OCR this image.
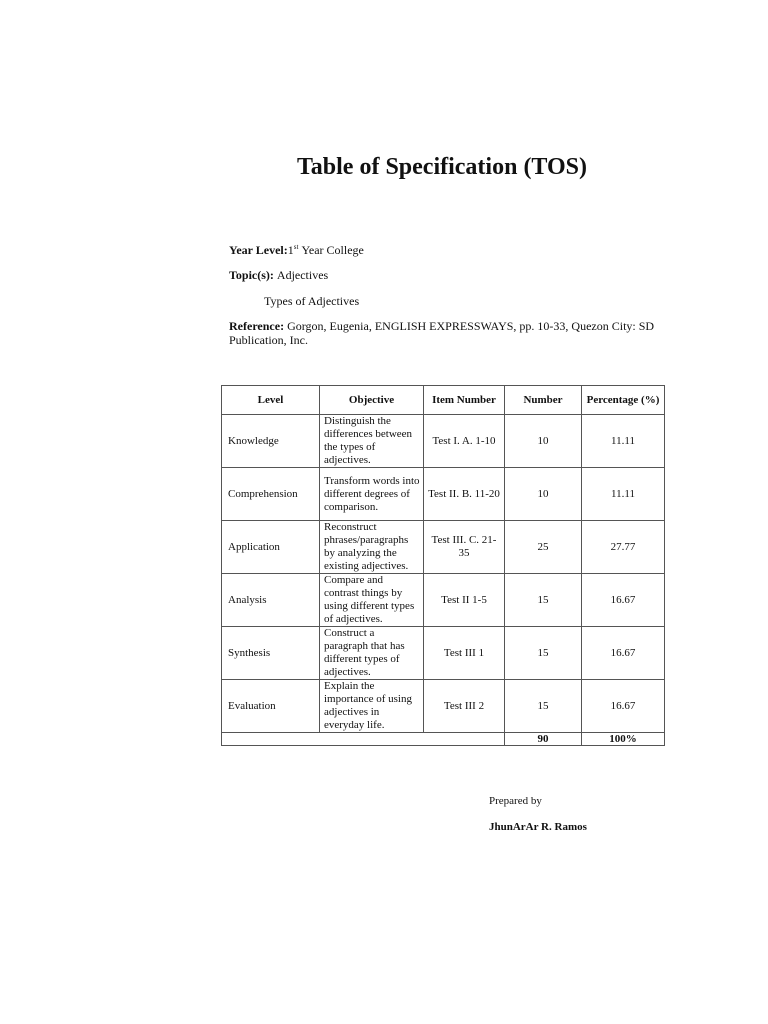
Table of Specification (TOS)
Year Level:1st Year College
Topic(s): Adjectives
Types of Adjectives
Reference: Gorgon, Eugenia, ENGLISH EXPRESSWAYS, pp. 10-33, Quezon City: SD Publication, Inc.
Level	Objective	Item Number	Number	Percentage (%)
Knowledge	Distinguish the differences between the types of adjectives.	Test I. A. 1-10	10	11.11
Comprehension	Transform words into different degrees of comparison.	Test II. B. 11-20	10	11.11
Application	Reconstruct phrases/paragraphs by analyzing the existing adjectives.	Test III. C. 21-35	25	27.77
Analysis	Compare and contrast things by using different types of adjectives.	Test II 1-5	15	16.67
Synthesis	Construct a paragraph that has different types of adjectives.	Test III 1	15	16.67
Evaluation	Explain the importance of using adjectives in everyday life.	Test III 2	15	16.67
			90	100%
Prepared by
JhunArAr R. Ramos
